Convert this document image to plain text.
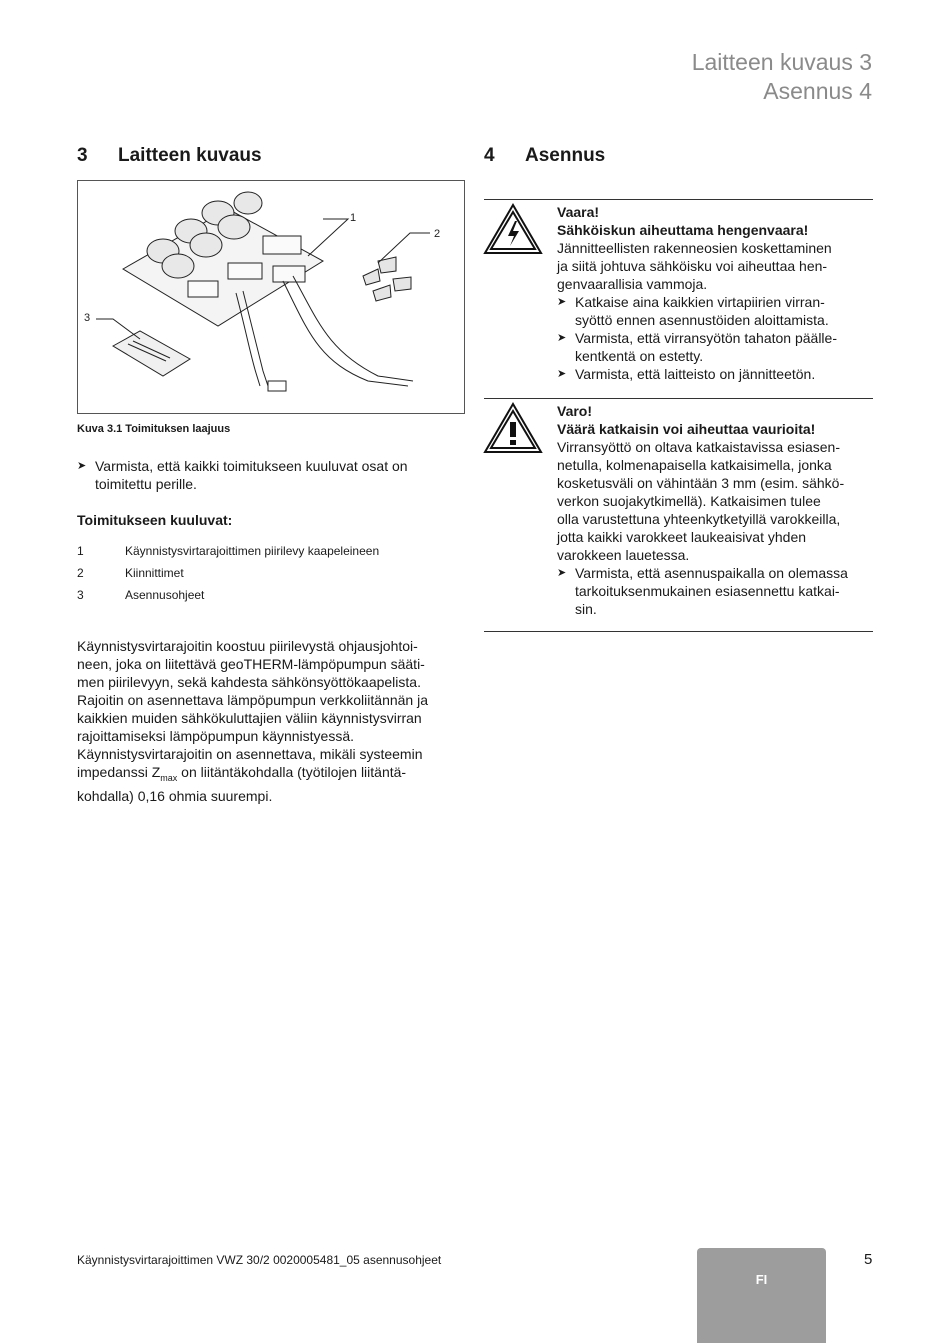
Laitteen kuvaus 3
Asennus 4
3 Laitteen kuvaus
1
2
3
Kuva 3.1 Toimituksen laajuus
➤ Varmista, että kaikki toimitukseen kuuluvat osat on
toimitettu perille.
Toimitukseen kuuluvat:
1	Käynnistysvirtarajoittimen piirilevy kaapeleineen
2	Kiinnittimet
3	Asennusohjeet
Käynnistysvirtarajoitin koostuu piirilevystä ohjausjohtoi-
neen, joka on liitettävä geoTHERM-lämpöpumpun säätі-
men piirilevyyn, sekä kahdesta sähkönsyöttökaapelista.
Rajoitin on asennettava lämpöpumpun verkkoliitännän ja
kaikkien muiden sähkökuluttajien väliin käynnistysvirran
rajoittamiseksi lämpöpumpun käynnistyessä.
Käynnistysvirtarajoitin on asennettava, mikäli systeemin
impedanssi $Z_{max}$ on liitäntäkohdalla (työtilojen liitäntä-
kohdalla) 0,16 ohmia suurempi.
4 Asennus
Vaara!
Sähköiskun aiheuttama hengenvaara!
Jännitteellisten rakenneosien koskettaminen
ja siitä johtuva sähköisku voi aiheuttaa hen-
genvaarallisia vammoja.
➤ Katkaise aina kaikkien virtapiirien virran-
syöttö ennen asennustöiden aloittamista.
➤ Varmista, että virransyötön tahaton päälle-
kentkentä on estetty.
➤ Varmista, että laitteisto on jännitteetön.
Varo!
Väärä katkaisin voi aiheuttaa vaurioita!
Virransyöttö on oltava katkaistavissa esiasen-
netulla, kolmenapaisella katkaisimella, jonka
kosketusväli on vähintään 3 mm (esim. sähkö-
verkon suojakytkimellä). Katkaisimen tulee
olla varustettuna yhteenkytketyillä varokkeilla,
jotta kaikki varokkeet laukeaisivat yhden
varokkeen lauetessa.
➤ Varmista, että asennuspaikalla on olemassa
tarkoituksenmukainen esiasennettu katkai-
sin.
Käynnistysvirtarajoittimen VWZ 30/2 0020005481_05 asennusohjeet
FI
5
